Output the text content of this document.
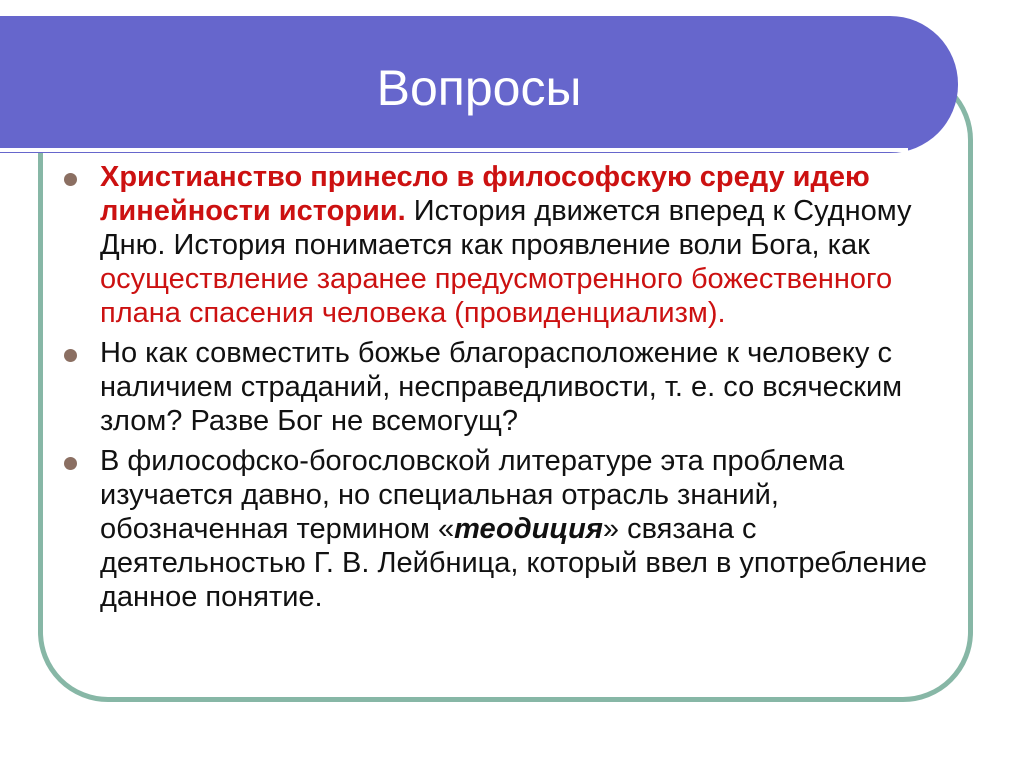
Вопросы
Христианство принесло в философскую среду идею линейности истории. История движется вперед к Судному Дню. История понимается как проявление воли Бога, как осуществление заранее предусмотренного божественного плана спасения человека (провиденциализм).
Но как совместить божье благорасположение к человеку с наличием страданий, несправедливости, т. е. со всяческим злом? Разве Бог не всемогущ?
В философско-богословской литературе эта проблема изучается давно, но специальная отрасль знаний, обозначенная термином «теодиция» связана с деятельностью Г. В. Лейбница, который ввел в употребление данное понятие.
